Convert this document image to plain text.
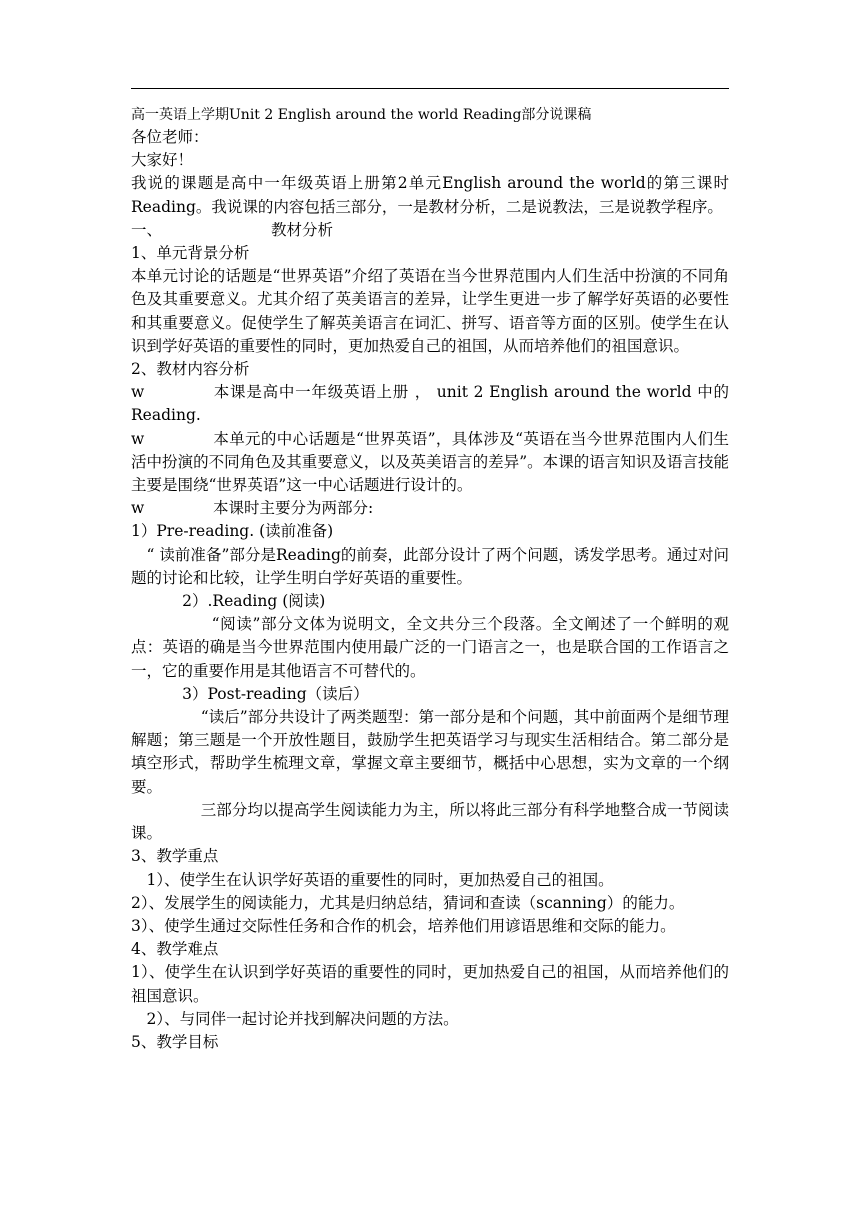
高一英语上学期Unit 2 English around the world Reading部分说课稿

各位老师：

大家好！

我说的课题是高中一年级英语上册第2单元English around the world的第三课时Reading。我说课的内容包括三部分，一是教材分析，二是说教法，三是说教学程序。

一、	教材分析

1、单元背景分析

本单元讨论的话题是“世界英语”介绍了英语在当今世界范围内人们生活中扮演的不同角色及其重要意义。尤其介绍了英美语言的差异，让学生更进一步了解学好英语的必要性和其重要意义。促使学生了解英美语言在词汇、拼写、语音等方面的区别。使学生在认识到学好英语的重要性的同时，更加热爱自己的祖国，从而培养他们的祖国意识。

2、教材内容分析

w	本课是高中一年级英语上册 ， unit 2 English around the world 中的Reading.

w	本单元的中心话题是“世界英语”，具体涉及“英语在当今世界范围内人们生活中扮演的不同角色及其重要意义，以及英美语言的差异”。本课的语言知识及语言技能主要是围绕“世界英语”这一中心话题进行设计的。

w	本课时主要分为两部分:

1）Pre-reading. (读前准备)

“ 读前准备”部分是Reading的前奏，此部分设计了两个问题，诱发学思考。通过对问题的讨论和比较，让学生明白学好英语的重要性。

2）.Reading (阅读)

“阅读”部分文体为说明文，全文共分三个段落。全文阐述了一个鲜明的观点：英语的确是当今世界范围内使用最广泛的一门语言之一，也是联合国的工作语言之一，它的重要作用是其他语言不可替代的。

3）Post-reading（读后）

“读后”部分共设计了两类题型：第一部分是和个问题，其中前面两个是细节理解题；第三题是一个开放性题目，鼓励学生把英语学习与现实生活相结合。第二部分是填空形式，帮助学生梳理文章，掌握文章主要细节，概括中心思想，实为文章的一个纲要。

三部分均以提高学生阅读能力为主，所以将此三部分有科学地整合成一节阅读课。

3、教学重点

1）、使学生在认识学好英语的重要性的同时，更加热爱自己的祖国。

2）、发展学生的阅读能力，尤其是归纳总结，猜词和查读（scanning）的能力。

3）、使学生通过交际性任务和合作的机会，培养他们用谚语思维和交际的能力。

4、教学难点

1）、使学生在认识到学好英语的重要性的同时，更加热爱自己的祖国，从而培养他们的祖国意识。

2）、与同伴一起讨论并找到解决问题的方法。

5、教学目标
